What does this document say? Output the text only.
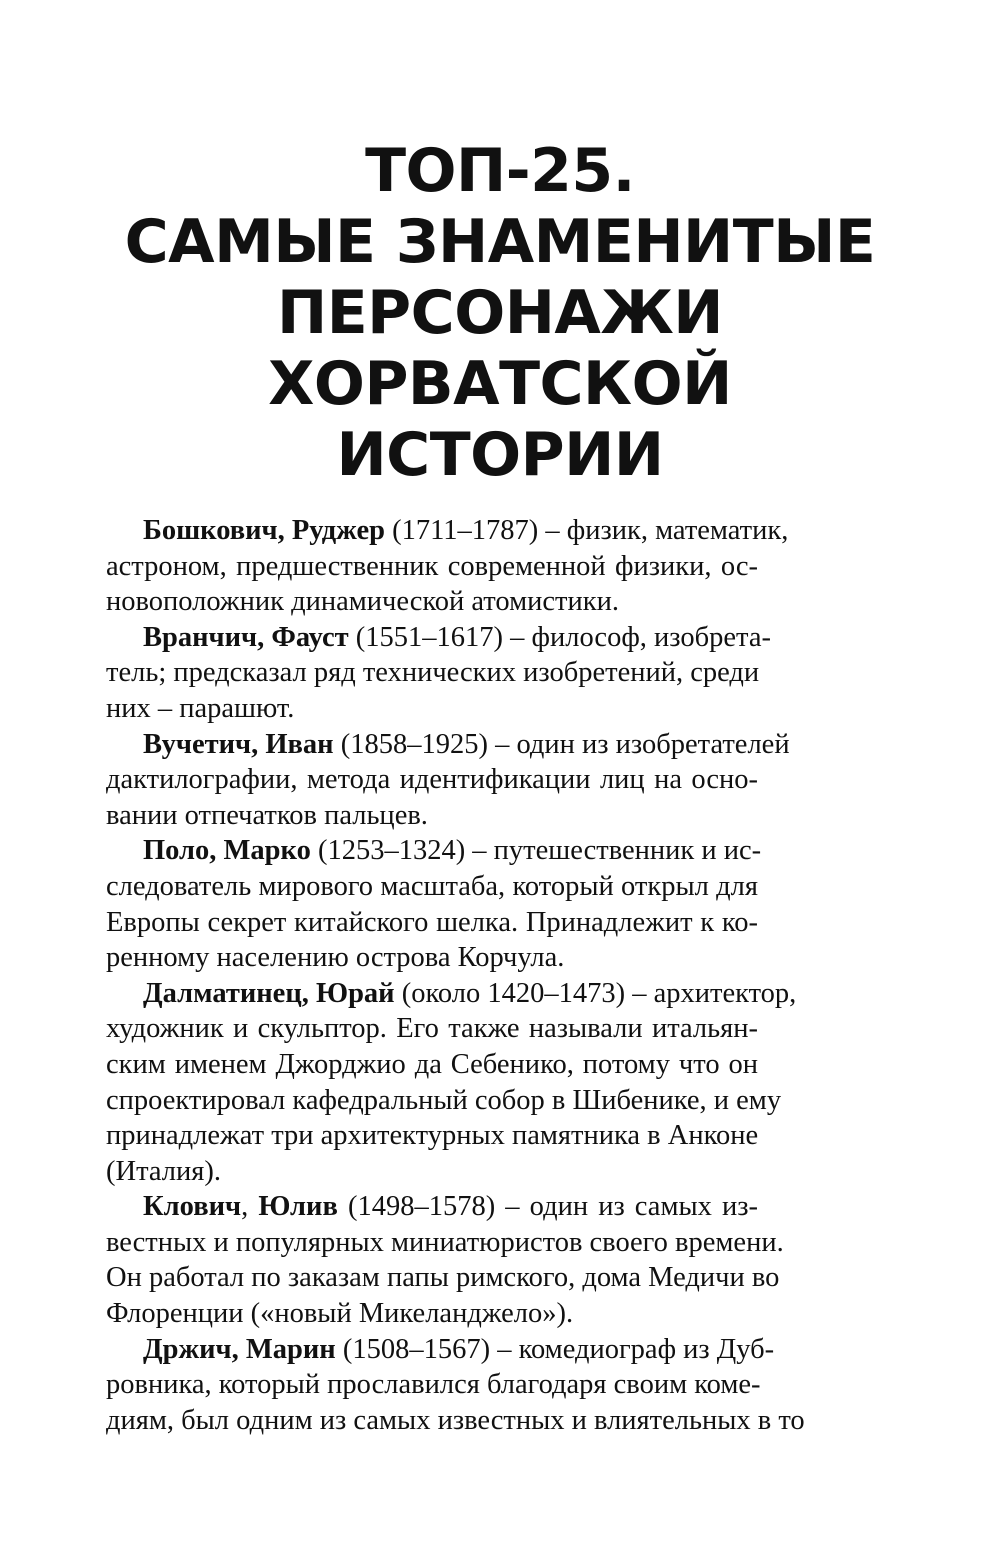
ТОП-25.
САМЫЕ ЗНАМЕНИТЫЕ
ПЕРСОНАЖИ
ХОРВАТСКОЙ
ИСТОРИИ

Бошкович, Руджер (1711–1787) – физик, математик,
астроном, предшественник современной физики, ос-
новоположник динамической атомистики.

Вранчич, Фауст (1551–1617) – философ, изобрета-
тель; предсказал ряд технических изобретений, среди
них – парашют.

Вучетич, Иван (1858–1925) – один из изобретателей
дактилографии, метода идентификации лиц на осно-
вании отпечатков пальцев.

Поло, Марко (1253–1324) – путешественник и ис-
следователь мирового масштаба, который открыл для
Европы секрет китайского шелка. Принадлежит к ко-
ренному населению острова Корчула.

Далматинец, Юрай (около 1420–1473) – архитектор,
художник и скульптор. Его также называли итальян-
ским именем Джорджио да Себенико, потому что он
спроектировал кафедральный собор в Шибенике, и ему
принадлежат три архитектурных памятника в Анконе
(Италия).

Клович, Юлив (1498–1578) – один из самых из-
вестных и популярных миниатюристов своего времени.
Он работал по заказам папы римского, дома Медичи во
Флоренции («новый Микеланджело»).

Држич, Марин (1508–1567) – комедиограф из Дуб-
ровника, который прославился благодаря своим коме-
диям, был одним из самых известных и влиятельных в то
